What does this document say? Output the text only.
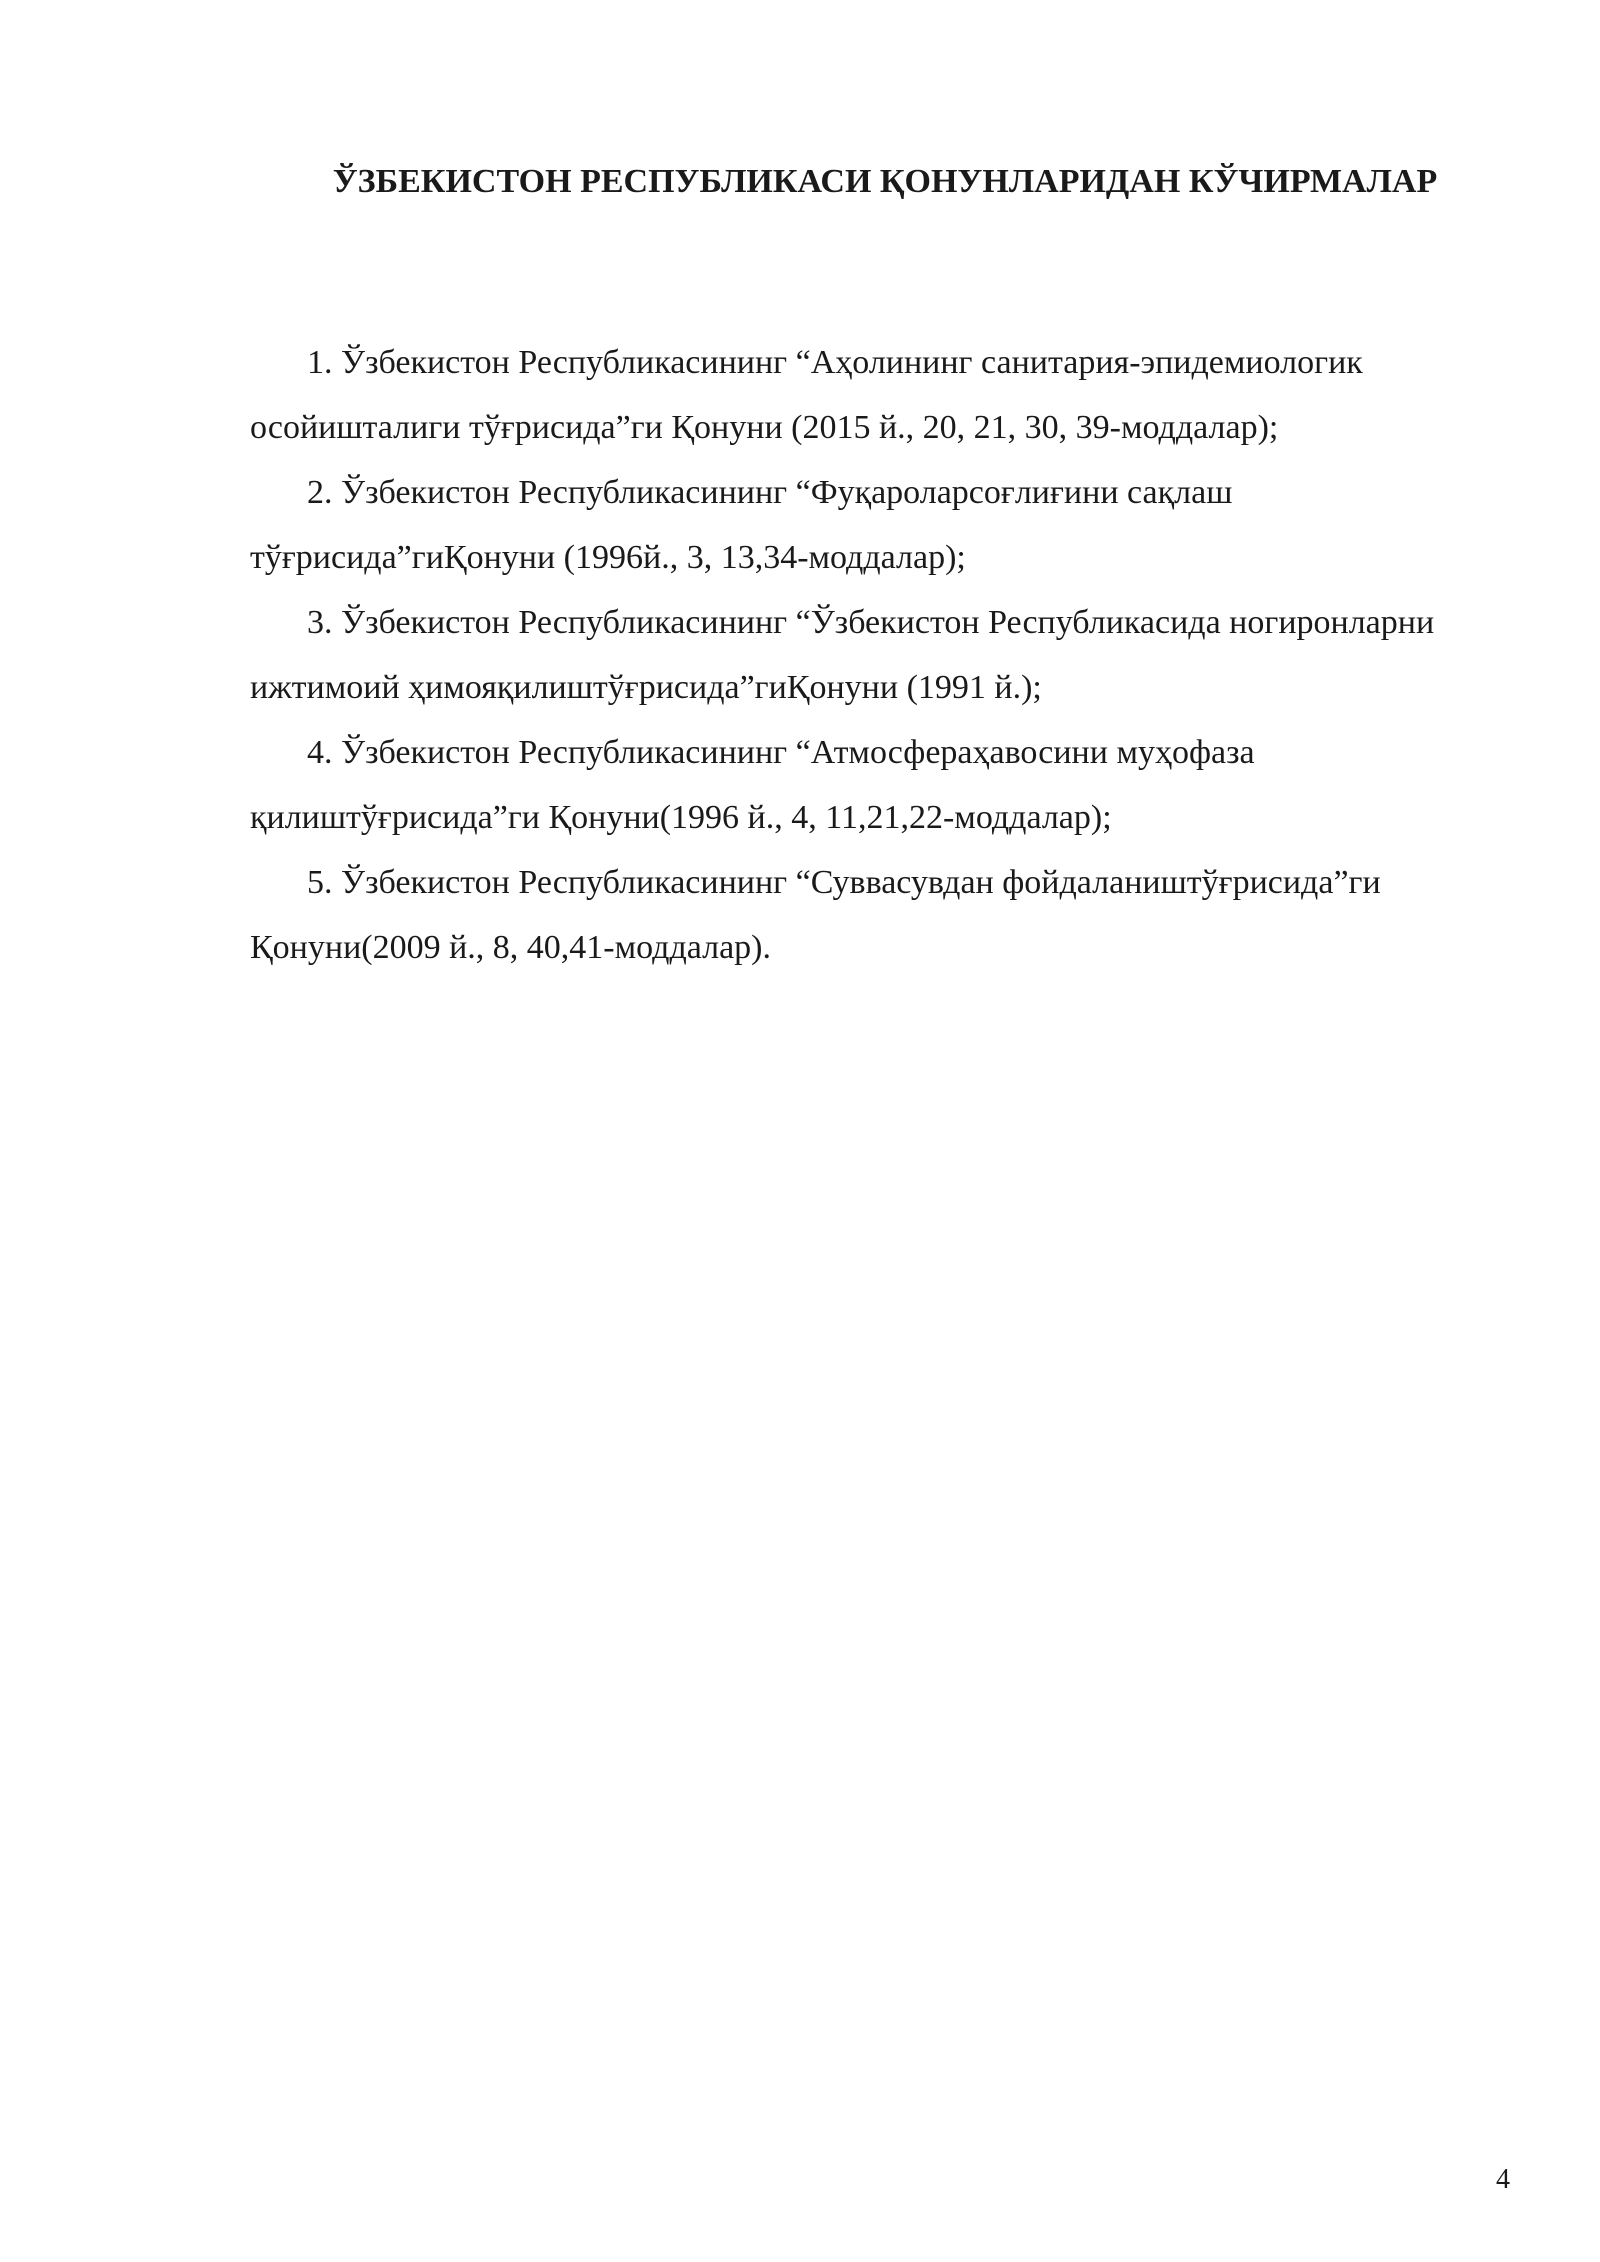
ЎЗБЕКИСТОН РЕСПУБЛИКАСИ ҚОНУНЛАРИДАН КЎЧИРМАЛАР
1. Ўзбекистон Республикасининг “Аҳолининг санитария-эпидемиологик осойишталиги тўғрисида”ги Қонуни (2015 й., 20, 21, 30, 39-моддалар);
2. Ўзбекистон Республикасининг “Фуқароларсоғлиғини сақлаш тўғрисида”гиҚонуни (1996й., 3, 13,34-моддалар);
3. Ўзбекистон Республикасининг “Ўзбекистон Республикасида ногиронларни ижтимоий ҳимояқилиштўғрисида”гиҚонуни (1991 й.);
4. Ўзбекистон Республикасининг “Атмосфераҳавосини муҳофаза қилиштўғрисида”ги Қонуни(1996 й., 4, 11,21,22-моддалар);
5. Ўзбекистон Республикасининг “Суввасувдан фойдалаништўғрисида”ги Қонуни(2009 й., 8, 40,41-моддалар).
4
